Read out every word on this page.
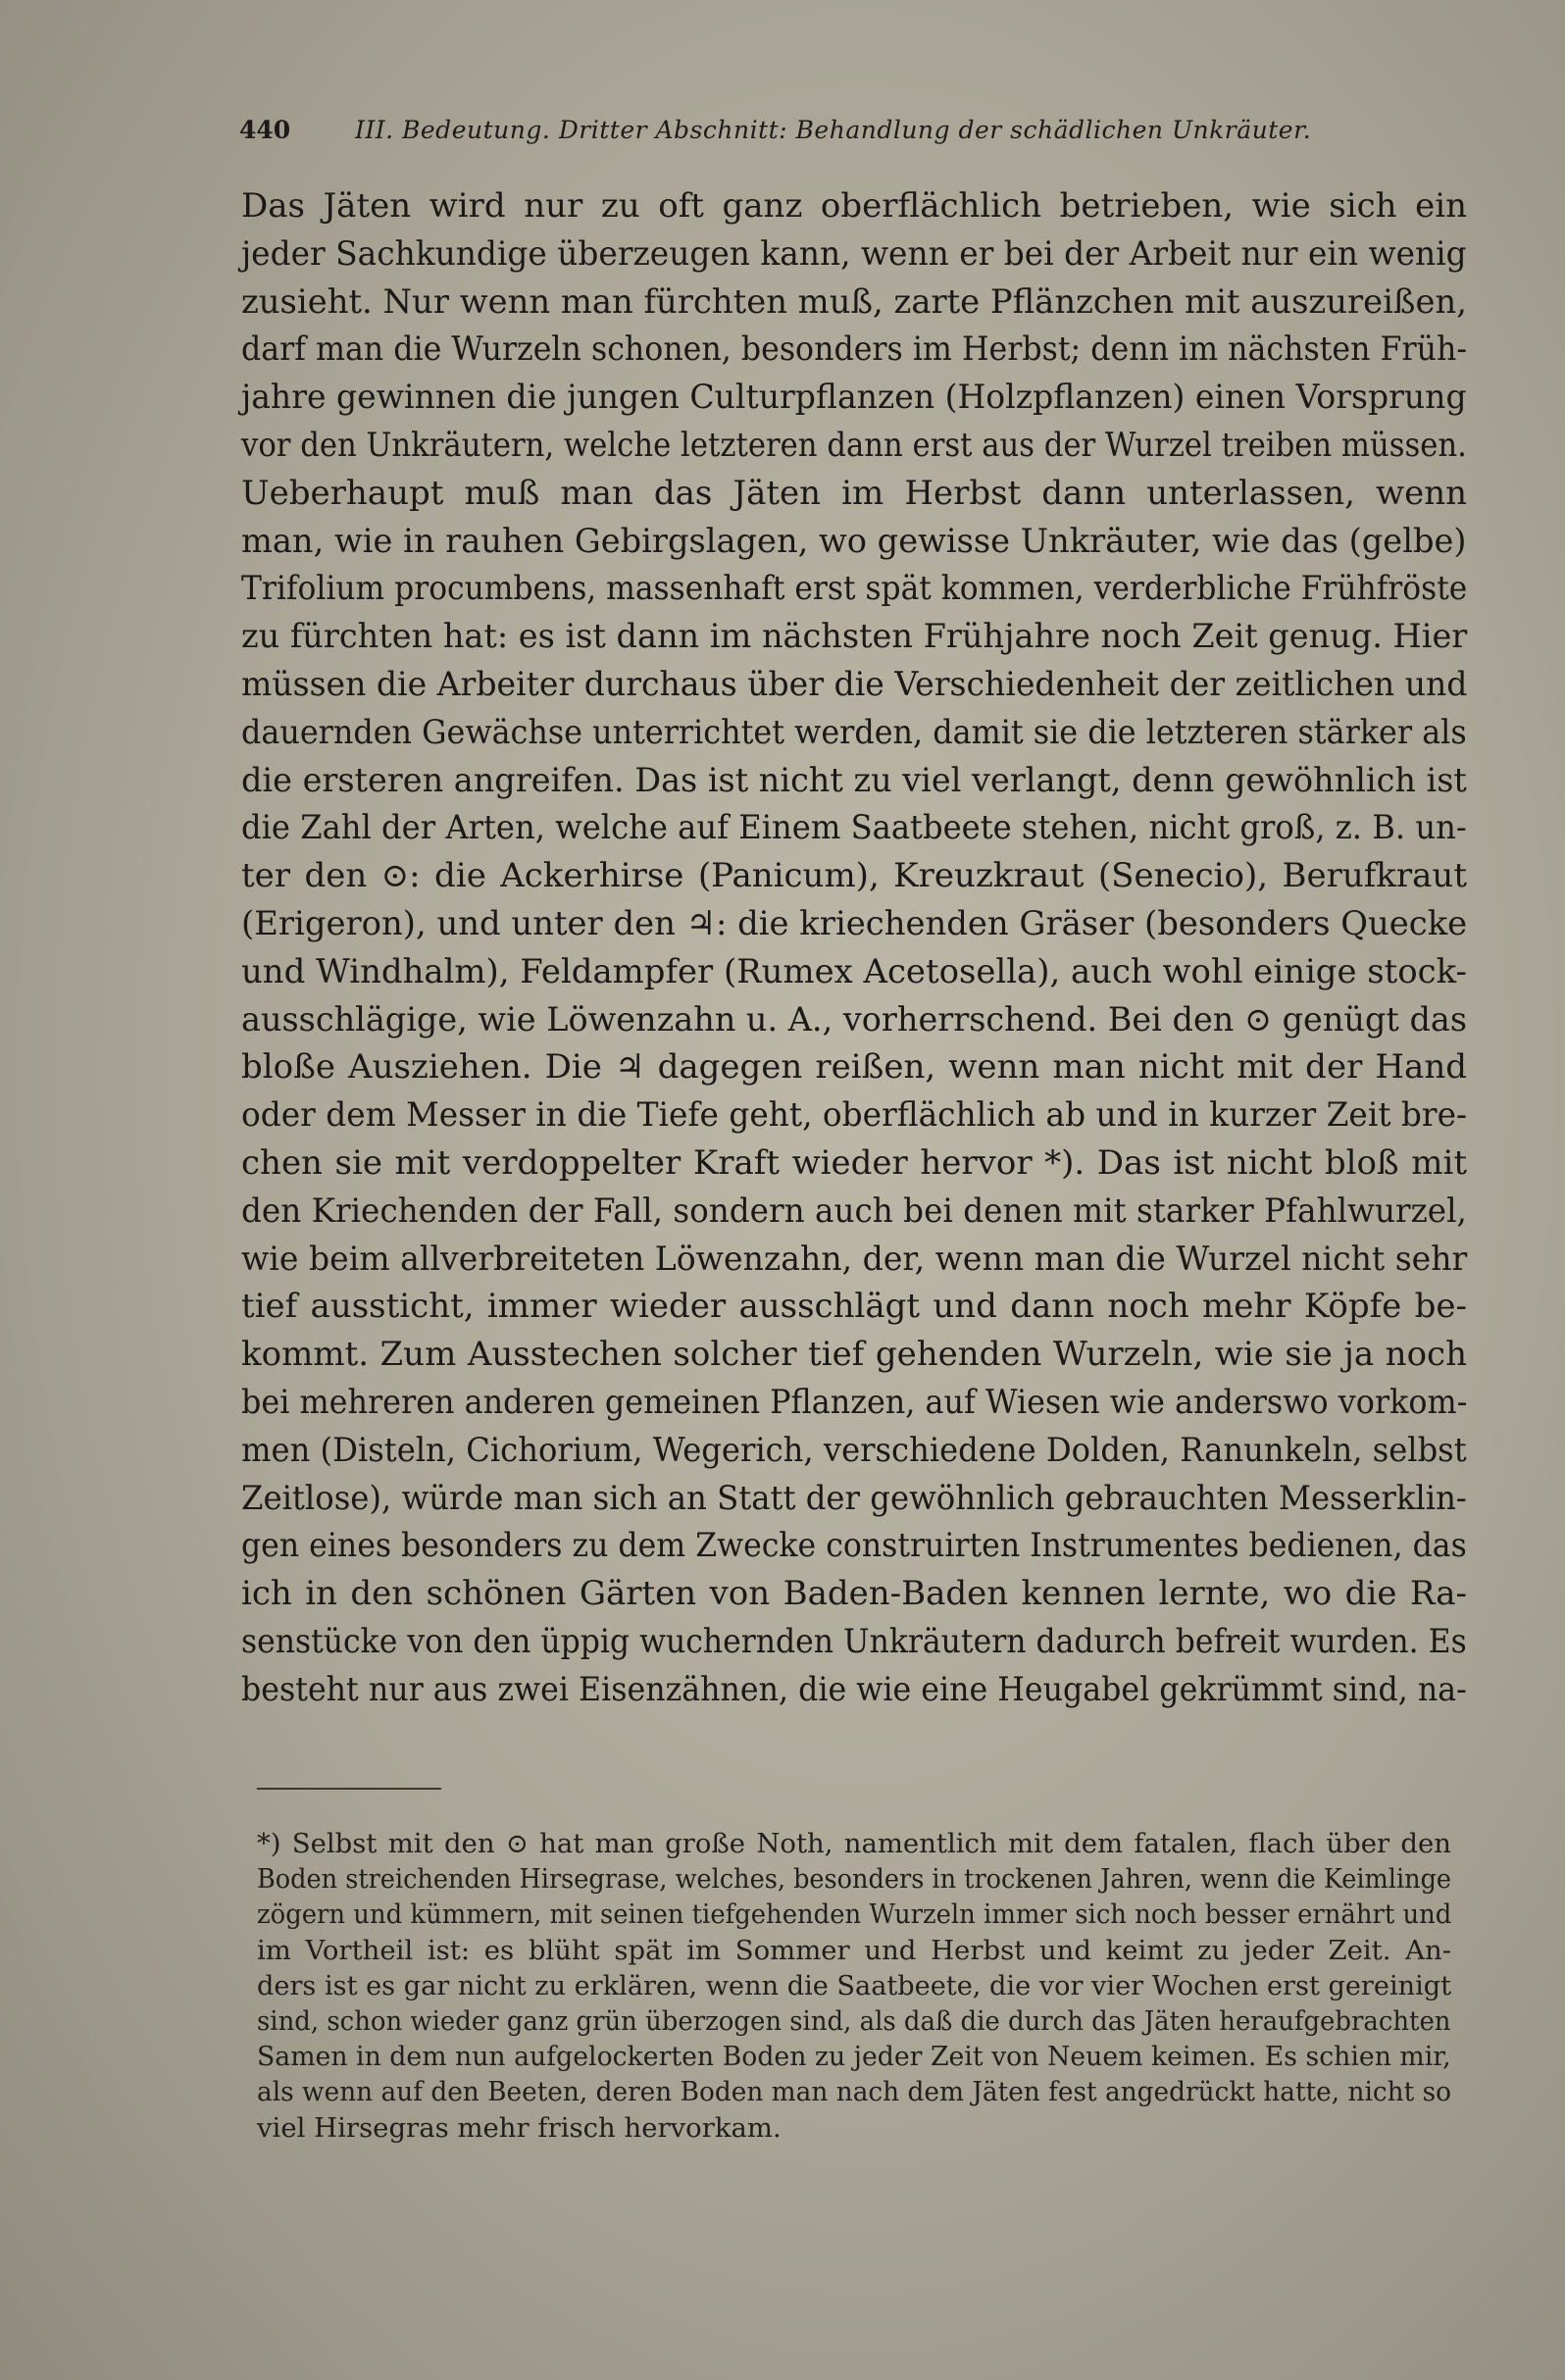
440	III. Bedeutung. Dritter Abschnitt: Behandlung der schädlichen Unkräuter.
Das Jäten wird nur zu oft ganz oberflächlich betrieben, wie sich ein
jeder Sachkundige überzeugen kann, wenn er bei der Arbeit nur ein wenig
zusieht. Nur wenn man fürchten muß, zarte Pflänzchen mit auszureißen,
darf man die Wurzeln schonen, besonders im Herbst; denn im nächsten Früh-
jahre gewinnen die jungen Culturpflanzen (Holzpflanzen) einen Vorsprung
vor den Unkräutern, welche letzteren dann erst aus der Wurzel treiben müssen.
Ueberhaupt muß man das Jäten im Herbst dann unterlassen, wenn
man, wie in rauhen Gebirgslagen, wo gewisse Unkräuter, wie das (gelbe)
Trifolium procumbens, massenhaft erst spät kommen, verderbliche Frühfröste
zu fürchten hat: es ist dann im nächsten Frühjahre noch Zeit genug. Hier
müssen die Arbeiter durchaus über die Verschiedenheit der zeitlichen und
dauernden Gewächse unterrichtet werden, damit sie die letzteren stärker als
die ersteren angreifen. Das ist nicht zu viel verlangt, denn gewöhnlich ist
die Zahl der Arten, welche auf Einem Saatbeete stehen, nicht groß, z. B. un-
ter den ⊙: die Ackerhirse (Panicum), Kreuzkraut (Senecio), Berufkraut
(Erigeron), und unter den ♃: die kriechenden Gräser (besonders Quecke
und Windhalm), Feldampfer (Rumex Acetosella), auch wohl einige stock-
ausschlägige, wie Löwenzahn u. A., vorherrschend. Bei den ⊙ genügt das
bloße Ausziehen. Die ♃ dagegen reißen, wenn man nicht mit der Hand
oder dem Messer in die Tiefe geht, oberflächlich ab und in kurzer Zeit bre-
chen sie mit verdoppelter Kraft wieder hervor *). Das ist nicht bloß mit
den Kriechenden der Fall, sondern auch bei denen mit starker Pfahlwurzel,
wie beim allverbreiteten Löwenzahn, der, wenn man die Wurzel nicht sehr
tief aussticht, immer wieder ausschlägt und dann noch mehr Köpfe be-
kommt. Zum Ausstechen solcher tief gehenden Wurzeln, wie sie ja noch
bei mehreren anderen gemeinen Pflanzen, auf Wiesen wie anderswo vorkom-
men (Disteln, Cichorium, Wegerich, verschiedene Dolden, Ranunkeln, selbst
Zeitlose), würde man sich an Statt der gewöhnlich gebrauchten Messerklin-
gen eines besonders zu dem Zwecke construirten Instrumentes bedienen, das
ich in den schönen Gärten von Baden-Baden kennen lernte, wo die Ra-
senstücke von den üppig wuchernden Unkräutern dadurch befreit wurden. Es
besteht nur aus zwei Eisenzähnen, die wie eine Heugabel gekrümmt sind, na-
*) Selbst mit den ⊙ hat man große Noth, namentlich mit dem fatalen, flach über den
Boden streichenden Hirsegrase, welches, besonders in trockenen Jahren, wenn die Keimlinge
zögern und kümmern, mit seinen tiefgehenden Wurzeln immer sich noch besser ernährt und
im Vortheil ist: es blüht spät im Sommer und Herbst und keimt zu jeder Zeit. An-
ders ist es gar nicht zu erklären, wenn die Saatbeete, die vor vier Wochen erst gereinigt
sind, schon wieder ganz grün überzogen sind, als daß die durch das Jäten heraufgebrachten
Samen in dem nun aufgelockerten Boden zu jeder Zeit von Neuem keimen. Es schien mir,
als wenn auf den Beeten, deren Boden man nach dem Jäten fest angedrückt hatte, nicht so
viel Hirsegras mehr frisch hervorkam.
